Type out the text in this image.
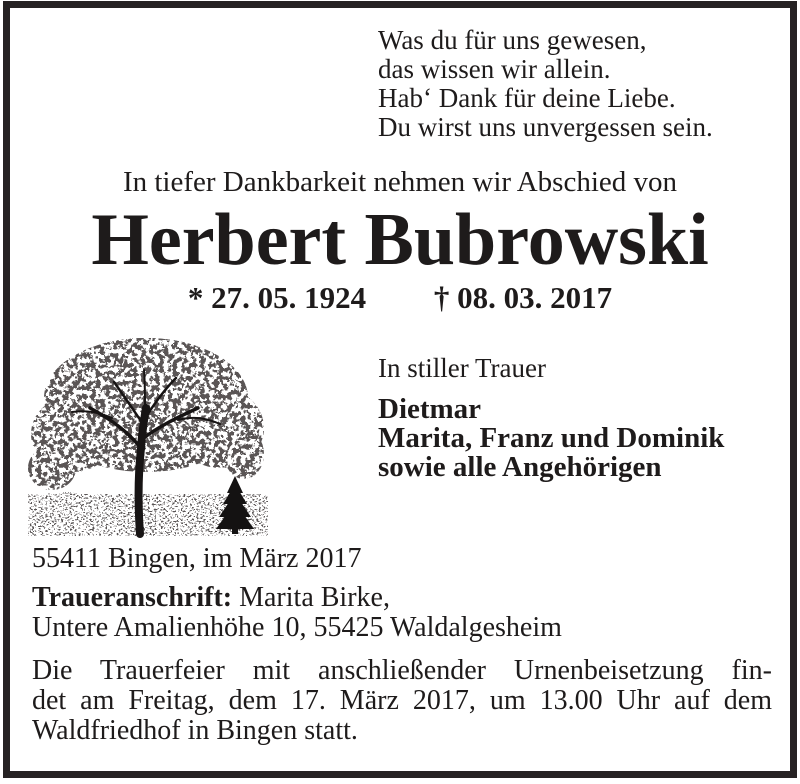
Was du für uns gewesen,
das wissen wir allein.
Hab‘ Dank für deine Liebe.
Du wirst uns unvergessen sein.
In tiefer Dankbarkeit nehmen wir Abschied von
Herbert Bubrowski
* 27. 05. 1924 † 08. 03. 2017
In stiller Trauer
Dietmar
Marita, Franz und Dominik
sowie alle Angehörigen
55411 Bingen, im März 2017
Traueranschrift: Marita Birke,
Untere Amalienhöhe 10, 55425 Waldalgesheim
Die Trauerfeier mit anschließender Urnenbeisetzung fin-
det am Freitag, dem 17. März 2017, um 13.00 Uhr auf dem
Waldfriedhof in Bingen statt.
